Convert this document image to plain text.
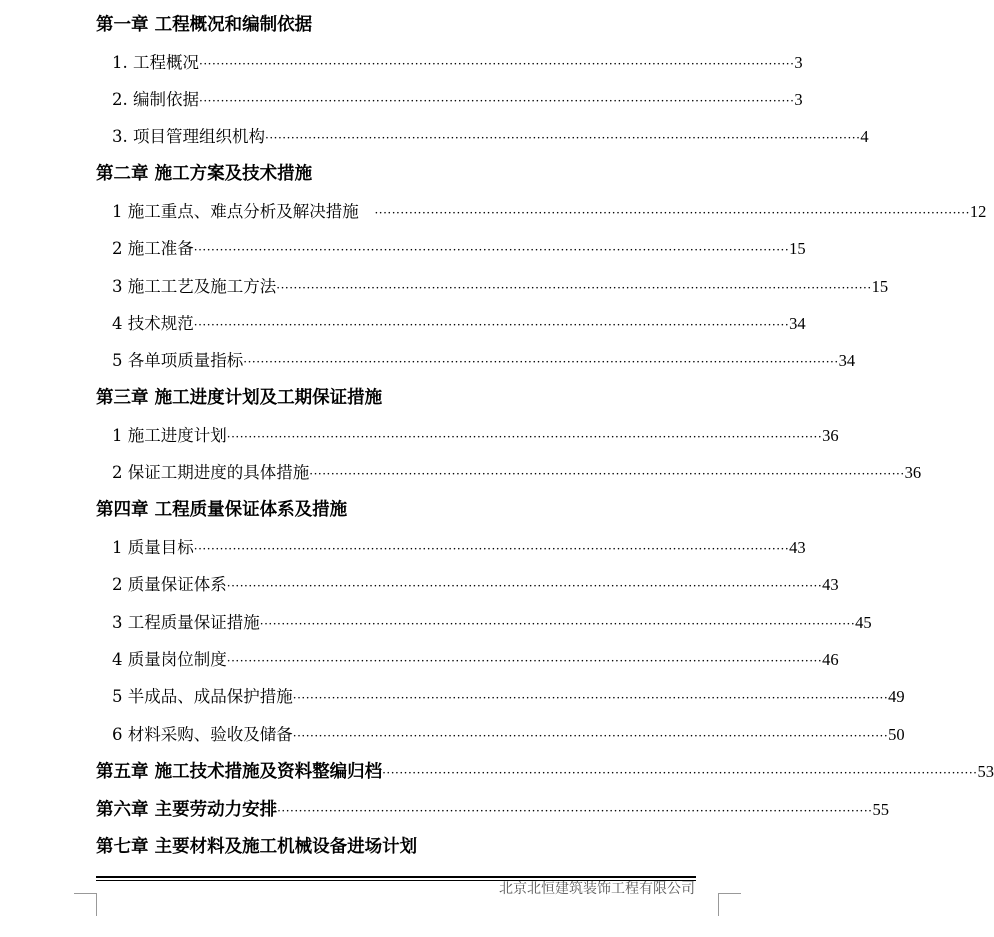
第一章 工程概况和编制依据
1. 工程概况 ·········································································································································· 3
2. 编制依据 ·········································································································································· 3
3. 项目管理组织机构 ·········································································································································· 4
第二章 施工方案及技术措施
1 施工重点、难点分析及解决措施 ·········································································································································· 12
2 施工准备 ·········································································································································· 15
3 施工工艺及施工方法 ·········································································································································· 15
4 技术规范 ·········································································································································· 34
5 各单项质量指标 ·········································································································································· 34
第三章 施工进度计划及工期保证措施
1 施工进度计划 ·········································································································································· 36
2 保证工期进度的具体措施 ·········································································································································· 36
第四章 工程质量保证体系及措施
1 质量目标 ·········································································································································· 43
2 质量保证体系 ·········································································································································· 43
3 工程质量保证措施 ·········································································································································· 45
4 质量岗位制度 ·········································································································································· 46
5 半成品、成品保护措施 ·········································································································································· 49
6 材料采购、验收及储备 ·········································································································································· 50
第五章 施工技术措施及资料整编归档 ·········································································································································· 53
第六章 主要劳动力安排 ·········································································································································· 55
第七章 主要材料及施工机械设备进场计划
北京北恒建筑装饰工程有限公司
